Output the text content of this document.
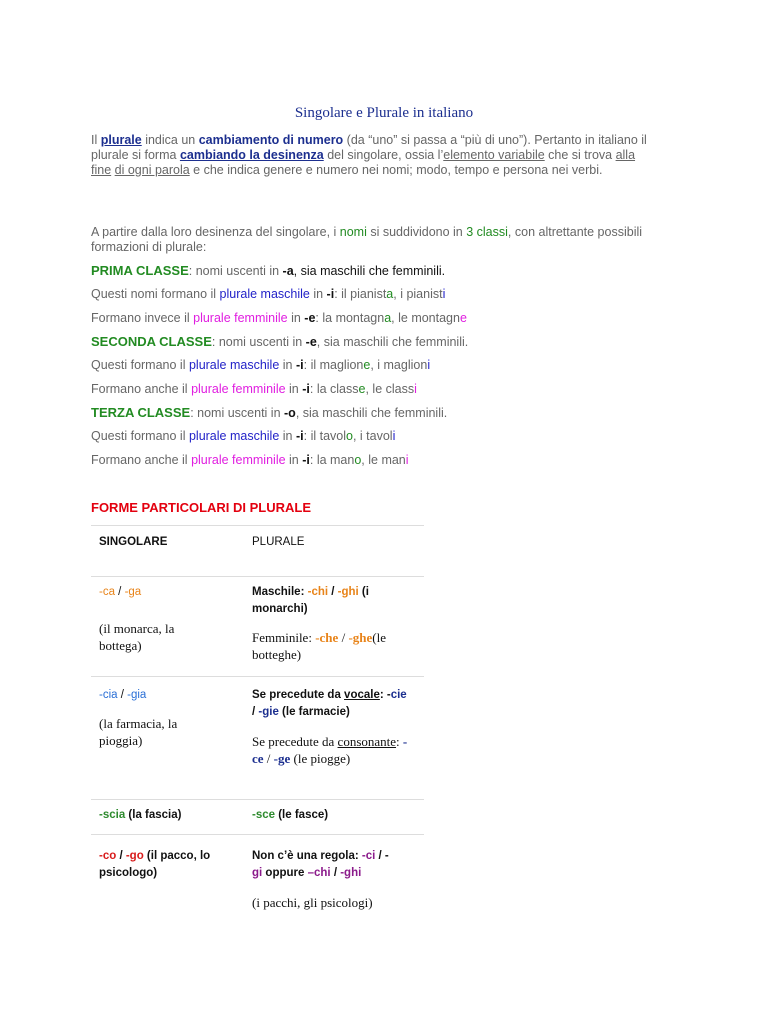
Singolare e Plurale in italiano
Il plurale indica un cambiamento di numero (da “uno” si passa a “più di uno”). Pertanto in italiano il plurale si forma cambiando la desinenza del singolare, ossia l’elemento variabile che si trova alla fine di ogni parola e che indica genere e numero nei nomi; modo, tempo e persona nei verbi.
A partire dalla loro desinenza del singolare, i nomi si suddividono in 3 classi, con altrettante possibili formazioni di plurale:
PRIMA CLASSE: nomi uscenti in -a, sia maschili che femminili.
Questi nomi formano il plurale maschile in -i: il pianista, i pianisti
Formano invece il plurale femminile in -e: la montagna, le montagne
SECONDA CLASSE: nomi uscenti in -e, sia maschili che femminili.
Questi formano il plurale maschile in -i: il maglione, i maglioni
Formano anche il plurale femminile in -i: la classe, le classi
TERZA CLASSE: nomi uscenti in -o, sia maschili che femminili.
Questi formano il plurale maschile in -i: il tavolo, i tavoli
Formano anche il plurale femminile in -i: la mano, le mani
FORME PARTICOLARI DI PLURALE
SINGOLARE	PLURALE
-ca / -ga
(il monarca, la bottega)
Maschile: -chi / -ghi (i monarchi)
Femminile: -che / -ghe(le botteghe)
-cia / -gia
(la farmacia, la pioggia)
Se precedute da vocale: -cie / -gie (le farmacie)
Se precedute da consonante: -ce / -ge (le piogge)
-scia (la fascia)	-sce (le fasce)
-co / -go (il pacco, lo psicologo)
Non c’è una regola: -ci / -
gi oppure –chi / -ghi
(i pacchi, gli psicologi)
